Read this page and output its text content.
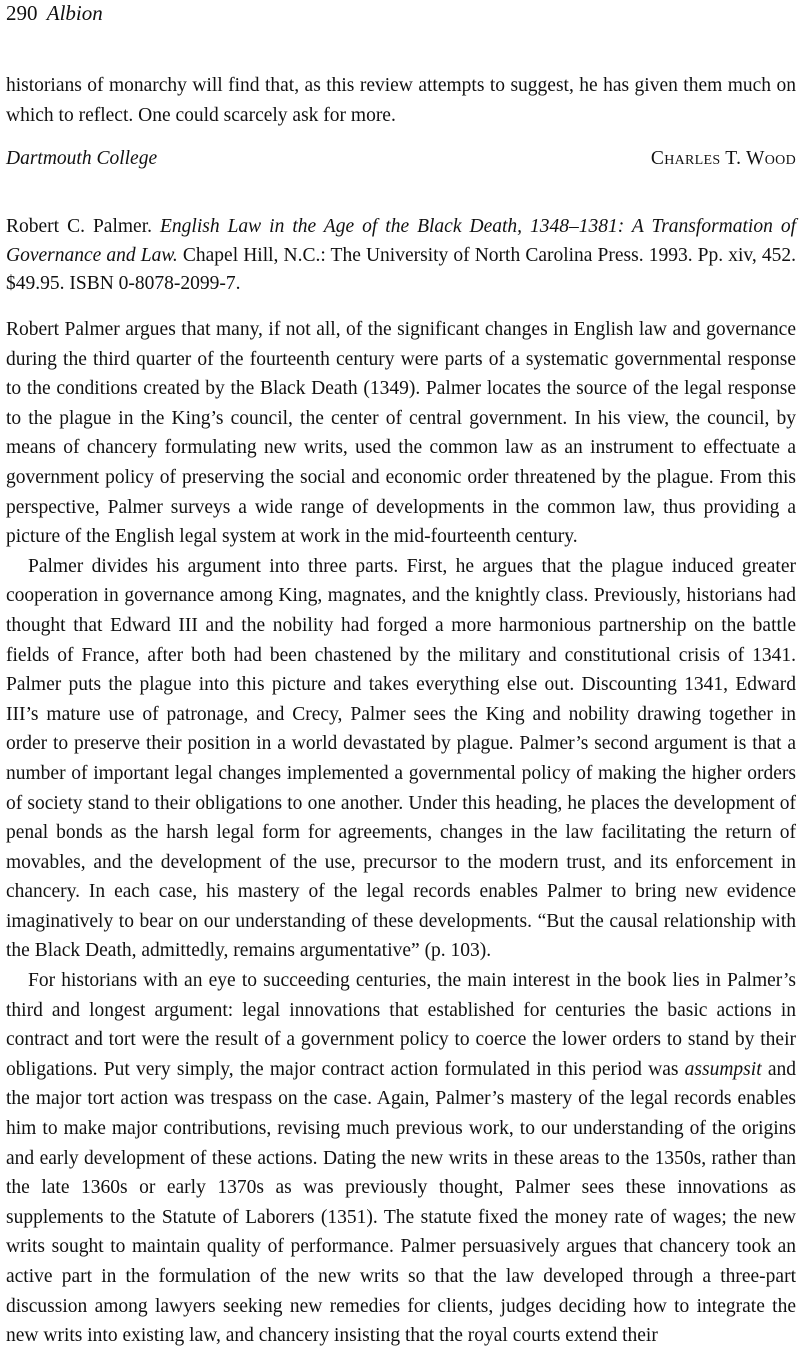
290 Albion
historians of monarchy will find that, as this review attempts to suggest, he has given them much on which to reflect. One could scarcely ask for more.
Dartmouth College	Charles T. Wood
Robert C. Palmer. English Law in the Age of the Black Death, 1348–1381: A Transformation of Governance and Law. Chapel Hill, N.C.: The University of North Carolina Press. 1993. Pp. xiv, 452. $49.95. ISBN 0-8078-2099-7.

Robert Palmer argues that many, if not all, of the significant changes in English law and governance during the third quarter of the fourteenth century were parts of a systematic governmental response to the conditions created by the Black Death (1349). Palmer locates the source of the legal response to the plague in the King’s council, the center of central government. In his view, the council, by means of chancery formulating new writs, used the common law as an instrument to effectuate a government policy of preserving the social and economic order threatened by the plague. From this perspective, Palmer surveys a wide range of developments in the common law, thus providing a picture of the English legal system at work in the mid-fourteenth century.

Palmer divides his argument into three parts. First, he argues that the plague induced greater cooperation in governance among King, magnates, and the knightly class. Previously, historians had thought that Edward III and the nobility had forged a more harmonious partnership on the battle fields of France, after both had been chastened by the military and constitutional crisis of 1341. Palmer puts the plague into this picture and takes everything else out. Discounting 1341, Edward III’s mature use of patronage, and Crecy, Palmer sees the King and nobility drawing together in order to preserve their position in a world devastated by plague. Palmer’s second argument is that a number of important legal changes implemented a governmental policy of making the higher orders of society stand to their obligations to one another. Under this heading, he places the development of penal bonds as the harsh legal form for agreements, changes in the law facilitating the return of movables, and the development of the use, precursor to the modern trust, and its enforcement in chancery. In each case, his mastery of the legal records enables Palmer to bring new evidence imaginatively to bear on our understanding of these developments. “But the causal relationship with the Black Death, admittedly, remains argumentative” (p. 103).

For historians with an eye to succeeding centuries, the main interest in the book lies in Palmer’s third and longest argument: legal innovations that established for centuries the basic actions in contract and tort were the result of a government policy to coerce the lower orders to stand by their obligations. Put very simply, the major contract action formulated in this period was assumpsit and the major tort action was trespass on the case. Again, Palmer’s mastery of the legal records enables him to make major contributions, revising much previous work, to our understanding of the origins and early development of these actions. Dating the new writs in these areas to the 1350s, rather than the late 1360s or early 1370s as was previously thought, Palmer sees these innovations as supplements to the Statute of Laborers (1351). The statute fixed the money rate of wages; the new writs sought to maintain quality of performance. Palmer persuasively argues that chancery took an active part in the formulation of the new writs so that the law developed through a three-part discussion among lawyers seeking new remedies for clients, judges deciding how to integrate the new writs into existing law, and chancery insisting that the royal courts extend their
